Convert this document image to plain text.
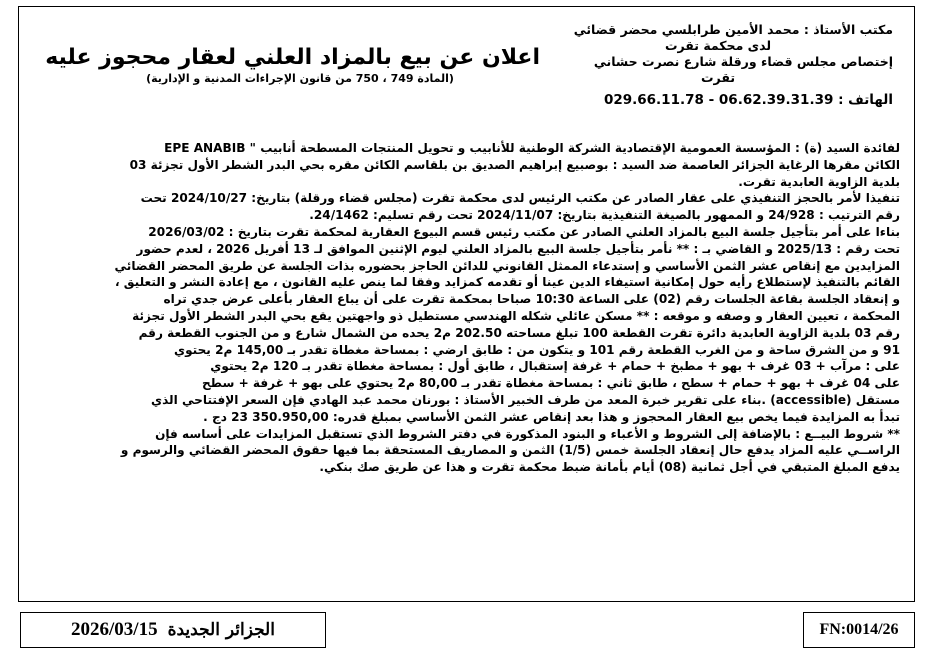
مكتب الأستاذ : محمد الأمين طرابلسي محضر قضائي
لدى محكمة تقرت
إختصاص مجلس قضاء ورقلة شارع نصرت حشاني
تقرت
الهاتف : 06.62.39.31.39 - 029.66.11.78
اعلان عن بيع بالمزاد العلني لعقار محجوز عليه
(المادة 749 ، 750 من قانون الإجراءات المدنية و الإدارية)
لفائدة السيد (ة) : المؤسسة العمومية الإقتصادية الشركة الوطنية للأنابيب و تحويل المنتجات المسطحة أنابيب " EPE ANABIB
الكائن مقرها الرغاية الجزائر العاصمة ضد السيد : بوصبيع إبراهيم الصديق بن بلقاسم الكائن مقره بحي البدر الشطر الأول تجزئة 03
بلدية الزاوية العابدية تقرت.
تنفيذا لأمر بالحجز التنفيذي على عقار الصادر عن مكتب الرئيس لدى محكمة تقرت (مجلس قضاء ورقلة) بتاريخ: 2024/10/27 تحت
رقم الترتيب : 24/928 و الممهور بالصيغة التنفيذية بتاريخ: 2024/11/07 تحت رقم تسليم: 24/1462.
بناءا على أمر بتأجيل جلسة البيع بالمزاد العلني الصادر عن مكتب رئيس قسم البيوع العقارية لمحكمة تقرت بتاريخ : 2026/03/02
تحت رقم : 2025/13 و القاضي بـ : ** نأمر بتأجيل جلسة البيع بالمزاد العلني ليوم الإثنين الموافق لـ 13 أفريل 2026 ، لعدم حضور
المزايدين مع إنقاص عشر الثمن الأساسي و إستدعاء الممثل القانوني للدائن الحاجز بحضوره بذات الجلسة عن طريق المحضر القضائي
القائم بالتنفيذ لإستطلاع رأيه حول إمكانية استيفاء الدين عينا أو تقدمه كمزايد وفقا لما ينص عليه القانون ، مع إعادة النشر و التعليق ،
و إنعقاد الجلسة بقاعة الجلسات رقم (02) على الساعة 10:30 صباحا بمحكمة تقرت على أن يباع العقار بأعلى عرض جدي تراه
المحكمة ، تعيين العقار و وصفه و موقعه : ** مسكن عائلي شكله الهندسي مستطيل ذو واجهتين يقع بحي البدر الشطر الأول تجزئة
رقم 03 بلدية الزاوية العابدية دائرة تقرت القطعة 100 تبلغ مساحته 202.50 م2 يحده من الشمال شارع و من الجنوب القطعة رقم
91 و من الشرق ساحة و من الغرب القطعة رقم 101 و يتكون من : طابق ارضي : بمساحة مغطاة تقدر بـ 145,00 م2 يحتوي
على : مرآب + 03 غرف + بهو + مطبخ + حمام + غرفة إستقبال ، طابق أول : بمساحة مغطاة تقدر بـ 120 م2 يحتوي
على 04 غرف + بهو + حمام + سطح ، طابق ثاني : بمساحة مغطاة تقدر بـ 80,00 م2 يحتوي على بهو + غرفة + سطح
مستقل (accessible) .بناء على تقرير خبرة المعد من طرف الخبير الأستاذ : بورنان محمد عبد الهادي فإن السعر الإفتتاحي الذي
تبدأ به المزايدة فيما يخص بيع العقار المحجوز و هذا بعد إنقاص عشر الثمن الأساسي بمبلغ قدره: 350.950,00 23 دج .
** شروط البيــع : بالإضافة إلى الشروط و الأعباء و البنود المذكورة في دفتر الشروط الذي تستقبل المزايدات على أساسه فإن
الراســي عليه المزاد يدفع حال إنعقاد الجلسة خمس (1/5) الثمن و المصاريف المستحقة بما فيها حقوق المحضر القضائي والرسوم و
يدفع المبلغ المتبقي في أجل ثمانية (08) أيام بأمانة ضبط محكمة تقرت و هذا عن طريق صك بنكي.
الجزائر الجديدة
2026/03/15	FN:0014/26
